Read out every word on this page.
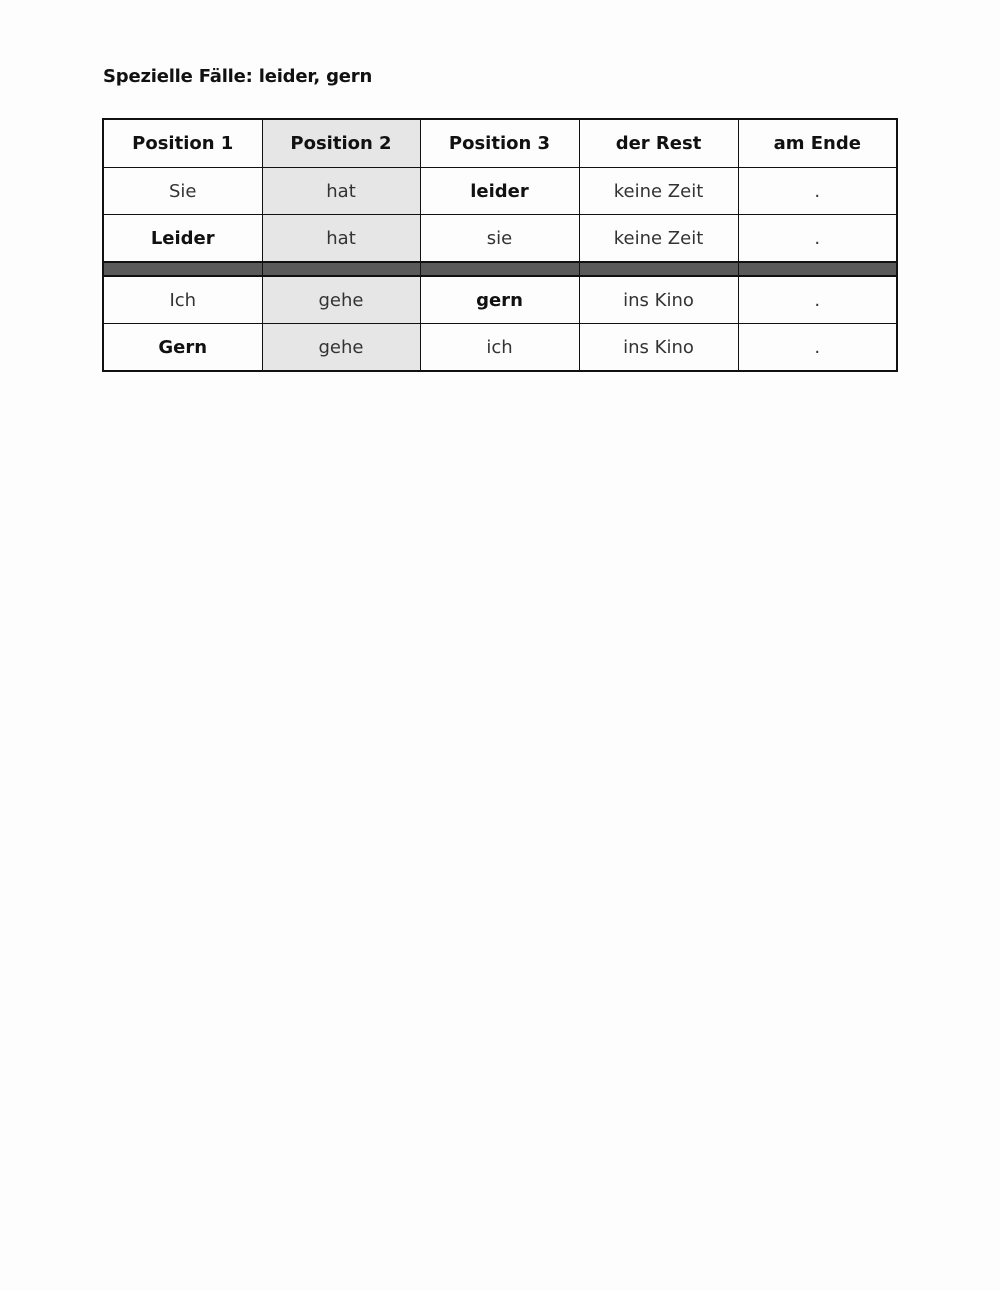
Spezielle Fälle: leider, gern
Position 1	Position 2	Position 3	der Rest	am Ende
Sie	hat	leider	keine Zeit	.
Leider	hat	sie	keine Zeit	.

Ich	gehe	gern	ins Kino	.
Gern	gehe	ich	ins Kino	.
